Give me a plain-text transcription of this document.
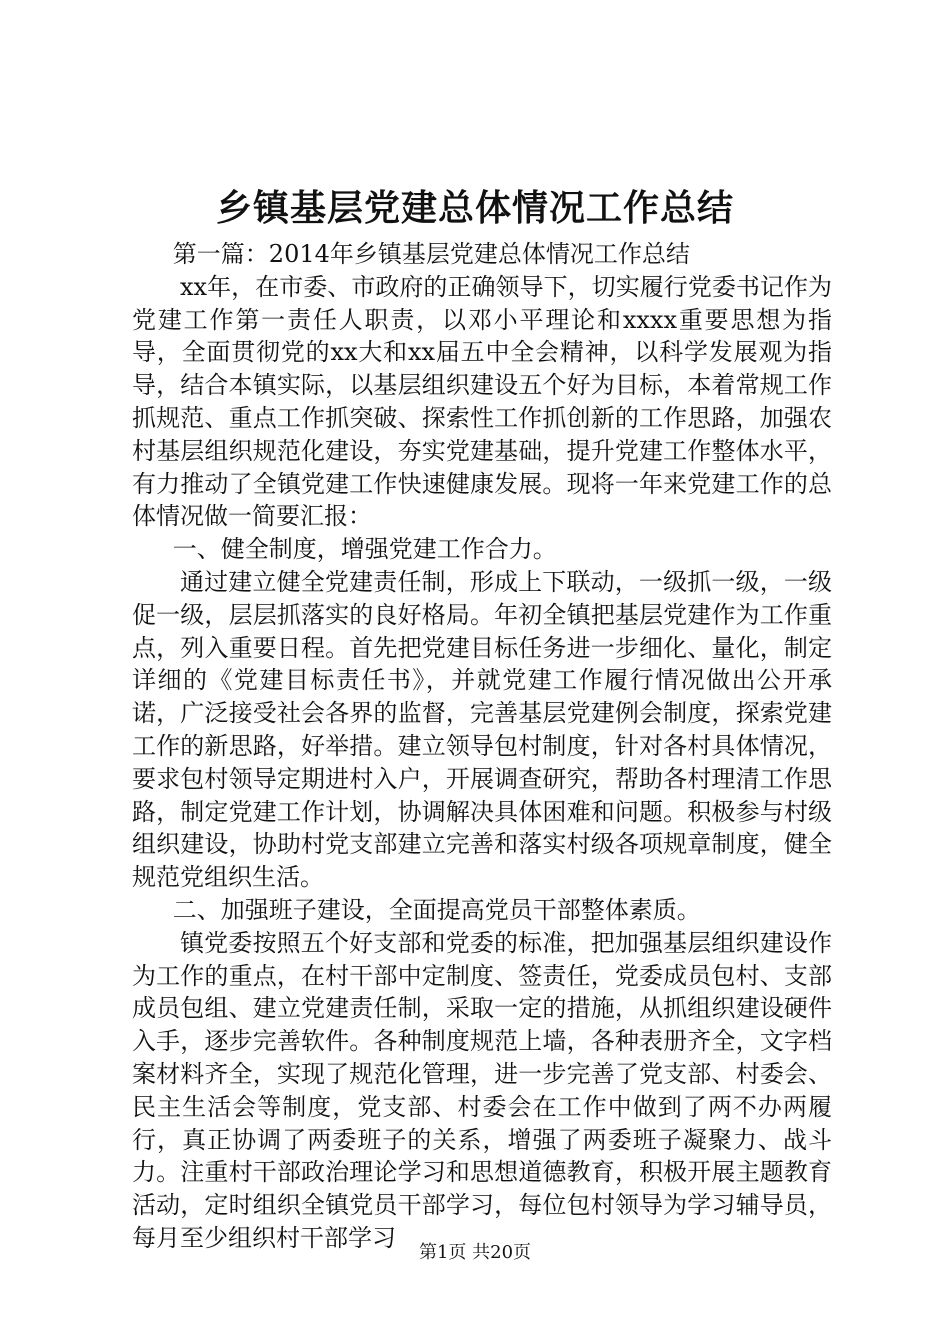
乡镇基层党建总体情况工作总结

第一篇：2014年乡镇基层党建总体情况工作总结

xx年，在市委、市政府的正确领导下，切实履行党委书记作为党建工作第一责任人职责，以邓小平理论和xxxx重要思想为指导，全面贯彻党的xx大和xx届五中全会精神，以科学发展观为指导，结合本镇实际，以基层组织建设五个好为目标，本着常规工作抓规范、重点工作抓突破、探索性工作抓创新的工作思路，加强农村基层组织规范化建设，夯实党建基础，提升党建工作整体水平，有力推动了全镇党建工作快速健康发展。现将一年来党建工作的总体情况做一简要汇报：

一、健全制度，增强党建工作合力。

通过建立健全党建责任制，形成上下联动，一级抓一级，一级促一级，层层抓落实的良好格局。年初全镇把基层党建作为工作重点，列入重要日程。首先把党建目标任务进一步细化、量化，制定详细的《党建目标责任书》，并就党建工作履行情况做出公开承诺，广泛接受社会各界的监督，完善基层党建例会制度，探索党建工作的新思路，好举措。建立领导包村制度，针对各村具体情况，要求包村领导定期进村入户，开展调查研究，帮助各村理清工作思路，制定党建工作计划，协调解决具体困难和问题。积极参与村级组织建设，协助村党支部建立完善和落实村级各项规章制度，健全规范党组织生活。

二、加强班子建设，全面提高党员干部整体素质。

镇党委按照五个好支部和党委的标准，把加强基层组织建设作为工作的重点，在村干部中定制度、签责任，党委成员包村、支部成员包组、建立党建责任制，采取一定的措施，从抓组织建设硬件入手，逐步完善软件。各种制度规范上墙，各种表册齐全，文字档案材料齐全，实现了规范化管理，进一步完善了党支部、村委会、民主生活会等制度，党支部、村委会在工作中做到了两不办两履行，真正协调了两委班子的关系，增强了两委班子凝聚力、战斗力。注重村干部政治理论学习和思想道德教育，积极开展主题教育活动，定时组织全镇党员干部学习，每位包村领导为学习辅导员，每月至少组织村干部学习

第1页 共20页
